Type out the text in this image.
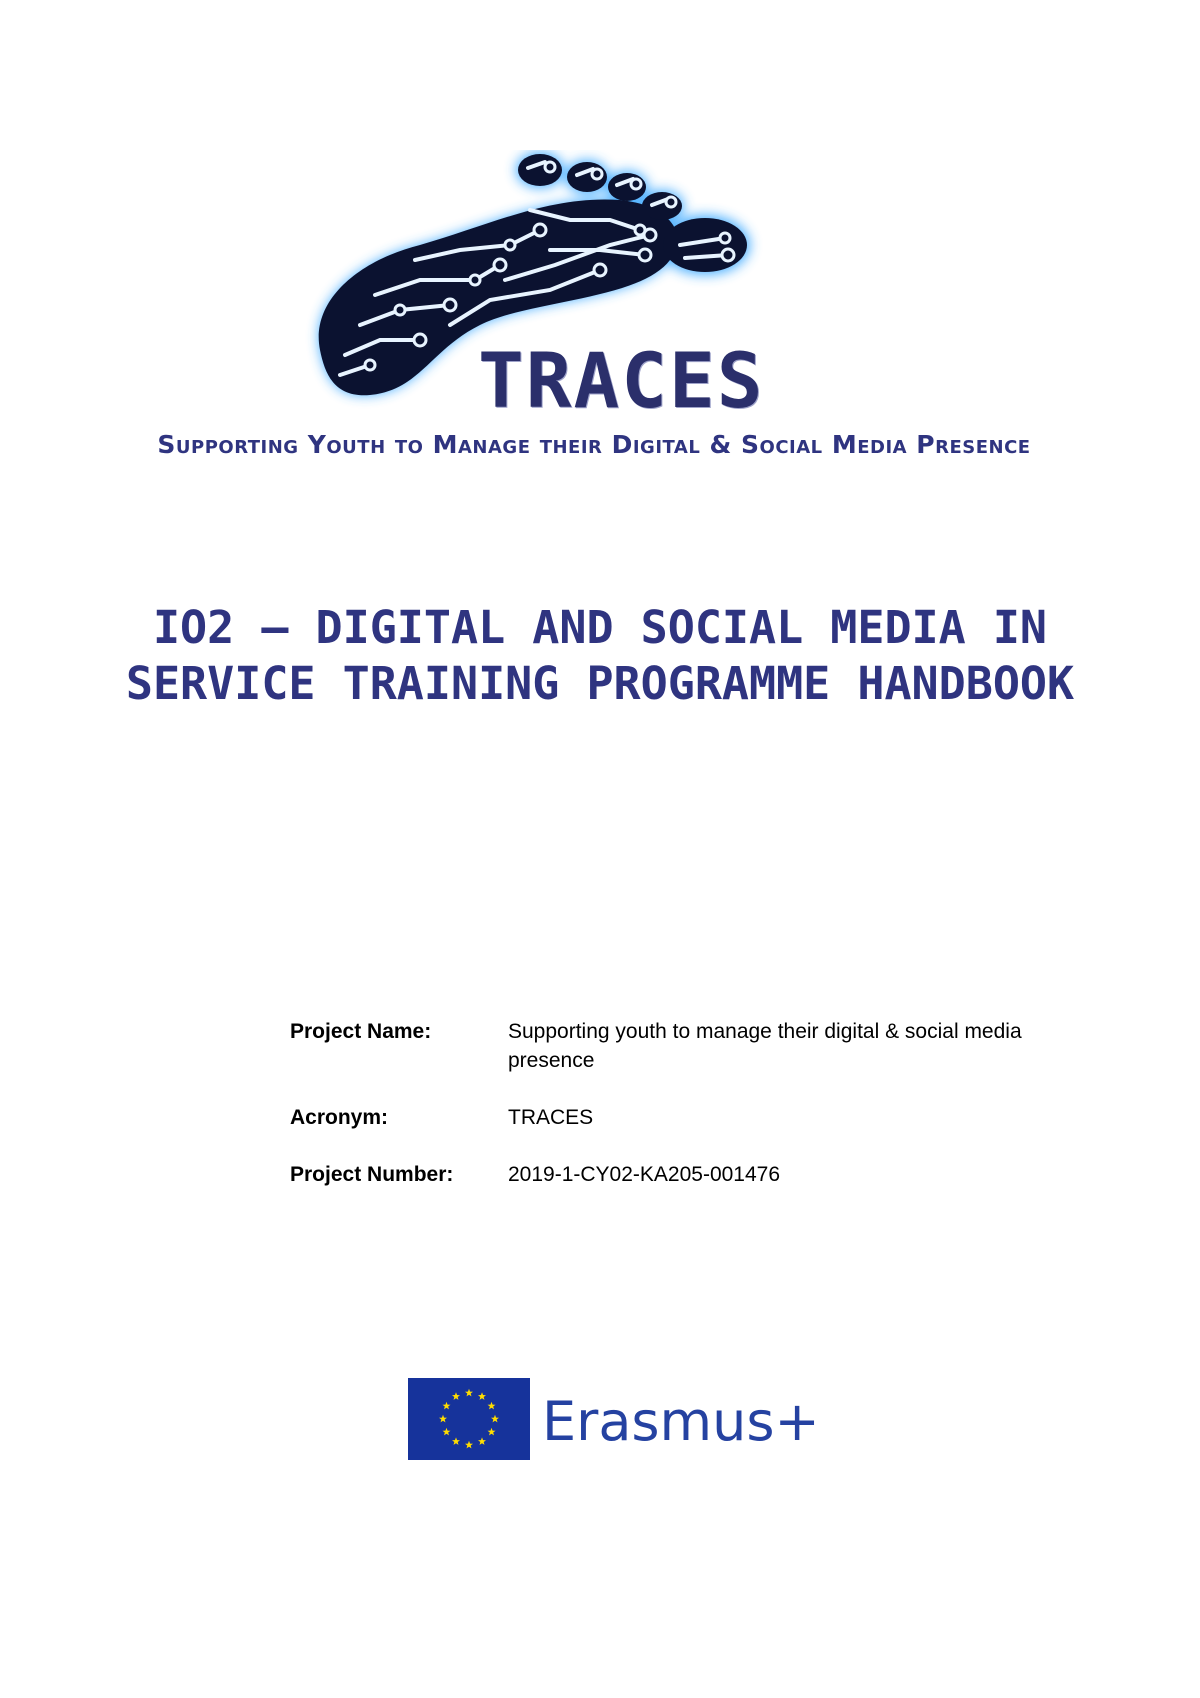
TRACES
Supporting Youth to Manage their Digital & Social Media Presence
IO2 – DIGITAL AND SOCIAL MEDIA IN
SERVICE TRAINING PROGRAMME HANDBOOK
Project Name:	Supporting youth to manage their digital & social media presence
Acronym:	TRACES
Project Number:	2019-1-CY02-KA205-001476
Erasmus+
